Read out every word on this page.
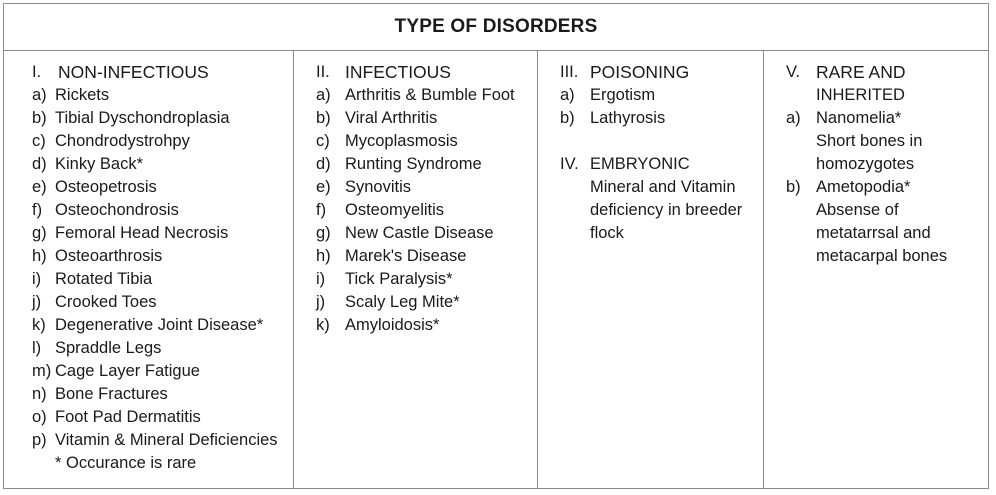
TYPE OF DISORDERS
I. NON-INFECTIOUS
a) Rickets
b) Tibial Dyschondroplasia
c) Chondrodystrohpy
d) Kinky Back*
e) Osteopetrosis
f) Osteochondrosis
g) Femoral Head Necrosis
h) Osteoarthrosis
i) Rotated Tibia
j) Crooked Toes
k) Degenerative Joint Disease*
l) Spraddle Legs
m) Cage Layer Fatigue
n) Bone Fractures
o) Foot Pad Dermatitis
p) Vitamin & Mineral Deficiencies
* Occurance is rare
II. INFECTIOUS
a) Arthritis & Bumble Foot
b) Viral Arthritis
c) Mycoplasmosis
d) Runting Syndrome
e) Synovitis
f)	Osteomyelitis
g) New Castle Disease
h) Marek's Disease
i)	Tick Paralysis*
j)	Scaly Leg Mite*
k) Amyloidosis*
III. POISONING
a) Ergotism
b) Lathyrosis
IV. EMBRYONIC
Mineral and Vitamin
deficiency in breeder
flock
V. RARE AND
INHERITED
a) Nanomelia*
Short bones in
homozygotes
b) Ametopodia*
Absense of
metatarrsal and
metacarpal bones
